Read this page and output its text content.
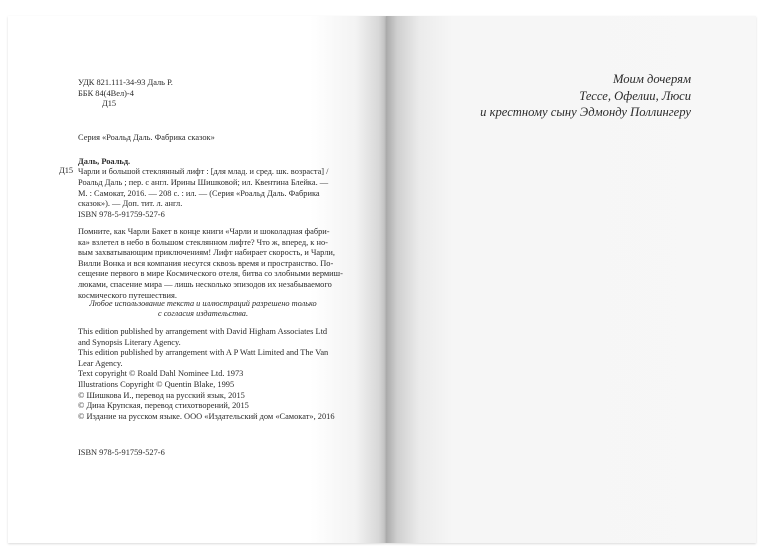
УДК 821.111-34-93 Даль Р.
ББК 84(4Вел)-4
Д15
Серия «Роальд Даль. Фабрика сказок»
Даль, Роальд.
Д15 Чарли и большой стеклянный лифт : [для млад. и сред. шк. возраста] /
Роальд Даль ; пер. с англ. Ирины Шишковой; ил. Квентина Блейка. —
М. : Самокат, 2016. — 208 с. : ил. — (Серия «Роальд Даль. Фабрика
сказок»). — Доп. тит. л. англ.
ISBN 978-5-91759-527-6
Помните, как Чарли Бакет в конце книги «Чарли и шоколадная фабри-
ка» взлетел в небо в большом стеклянном лифте? Что ж, вперед, к но-
вым захватывающим приключениям! Лифт набирает скорость, и Чарли,
Вилли Вонка и вся компания несутся сквозь время и пространство. По-
сещение первого в мире Космического отеля, битва со злобными вермиш-
люками, спасение мира — лишь несколько эпизодов их незабываемого
космического путешествия.
Любое использование текста и иллюстраций разрешено только
с согласия издательства.
This edition published by arrangement with David Higham Associates Ltd
and Synopsis Literary Agency.
This edition published by arrangement with A P Watt Limited and The Van
Lear Agency.
Text copyright © Roald Dahl Nominee Ltd. 1973
Illustrations Copyright © Quentin Blake, 1995
© Шишкова И., перевод на русский язык, 2015
© Дина Крупская, перевод стихотворений, 2015
© Издание на русском языке. ООО «Издательский дом «Самокат», 2016
ISBN 978-5-91759-527-6
Моим дочерям
Тессе, Офелии, Люси
и крестному сыну Эдмонду Поллингеру
